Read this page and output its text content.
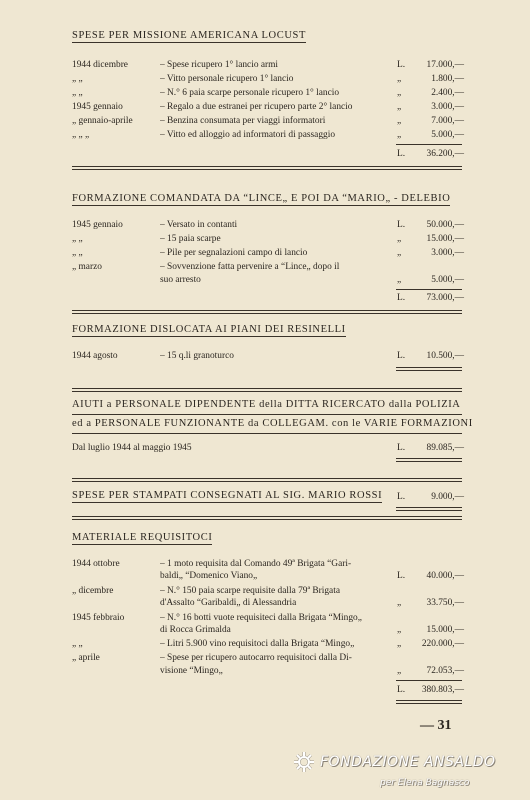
SPESE PER MISSIONE AMERICANA LOCUST
1944 dicembre	– Spese ricupero 1° lancio armi	L.	17.000,—
„ „	– Vitto personale ricupero 1° lancio	„	1.800,—
„ „	– N.° 6 paia scarpe personale ricupero 1° lancio	„	2.400,—
1945 gennaio	– Regalo a due estranei per ricupero parte 2° lancio	„	3.000,—
„ gennaio-aprile	– Benzina consumata per viaggi informatori	„	7.000,—
„ „ „	– Vitto ed alloggio ad informatori di passaggio	„	5.000,—
L.	36.200,—
FORMAZIONE COMANDATA DA “LINCE„ E POI DA “MARIO„ - DELEBIO
1945 gennaio	– Versato in contanti	L.	50.000,—
„ „	– 15 paia scarpe	„	15.000,—
„ „	– Pile per segnalazioni campo di lancio	„	3.000,—
„ marzo	– Sovvenzione fatta pervenire a “Lince„ dopo il
suo arresto	„	5.000,—
L.	73.000,—
FORMAZIONE DISLOCATA AI PIANI DEI RESINELLI
1944 agosto	– 15 q.li granoturco	L.	10.500,—
AIUTI a PERSONALE DIPENDENTE della DITTA RICERCATO dalla POLIZIA
ed a PERSONALE FUNZIONANTE da COLLEGAM. con le VARIE FORMAZIONI
Dal luglio 1944 al maggio 1945	L.	89.085,—
SPESE PER STAMPATI CONSEGNATI AL SIG. MARIO ROSSI L.	9.000,—
MATERIALE REQUISITOCI
1944 ottobre	– 1 moto requisita dal Comando 49ª Brigata “Gari-
baldi„ “Domenico Viano„	L.	40.000,—
„ dicembre	– N.° 150 paia scarpe requisite dalla 79ª Brigata
d'Assalto “Garibaldi„ di Alessandria	„	33.750,—
1945 febbraio	– N.° 16 botti vuote requisiteci dalla Brigata “Mingo„
di Rocca Grimalda	„	15.000,—
„ „	– Litri 5.900 vino requisitoci dalla Brigata “Mingo„	„	220.000,—
„ aprile	– Spese per ricupero autocarro requisitoci dalla Di-
visione “Mingo„	„	72.053,—
L.	380.803,—
— 31
FONDAZIONE ANSALDO
per Elena Bagnasco
